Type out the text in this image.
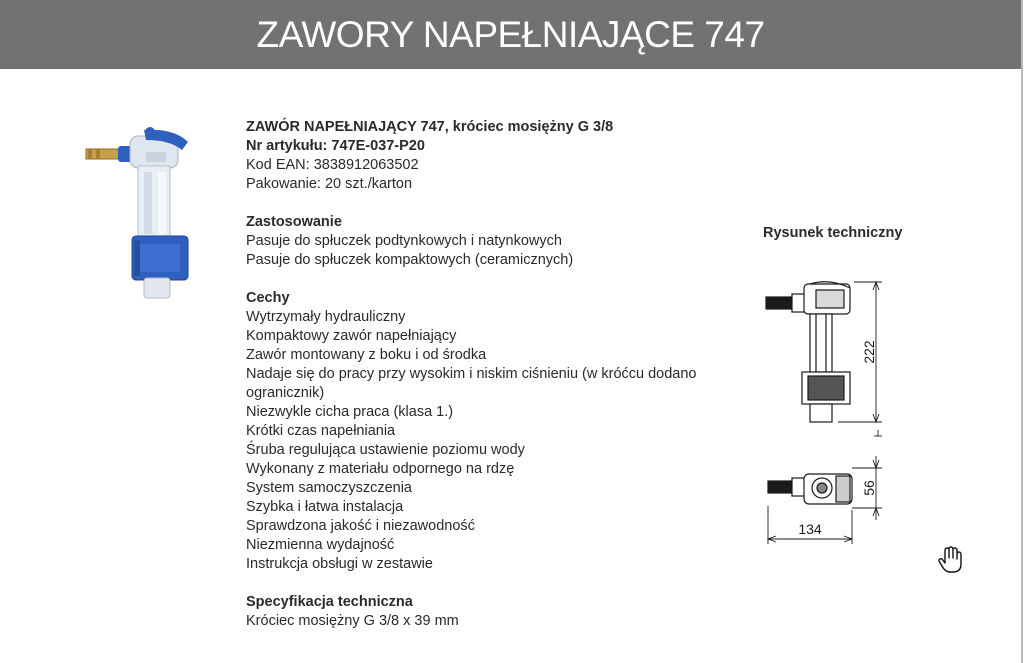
ZAWORY NAPEŁNIAJĄCE 747
ZAWÓR NAPEŁNIAJĄCY 747, króciec mosiężny G 3/8
Nr artykułu: 747E-037-P20
Kod EAN: 3838912063502
Pakowanie: 20 szt./karton
Zastosowanie
Pasuje do spłuczek podtynkowych i natynkowych
Pasuje do spłuczek kompaktowych (ceramicznych)
Cechy
Wytrzymały hydrauliczny
Kompaktowy zawór napełniający
Zawór montowany z boku i od środka
Nadaje się do pracy przy wysokim i niskim ciśnieniu (w króćcu dodano ogranicznik)
Niezwykle cicha praca (klasa 1.)
Krótki czas napełniania
Śruba regulująca ustawienie poziomu wody
Wykonany z materiału odpornego na rdzę
System samoczyszczenia
Szybka i łatwa instalacja
Sprawdzona jakość i niezawodność
Niezmienna wydajność
Instrukcja obsługi w zestawie
Specyfikacja techniczna
Króciec mosiężny G 3/8 x 39 mm
Rysunek techniczny
222
56
134
